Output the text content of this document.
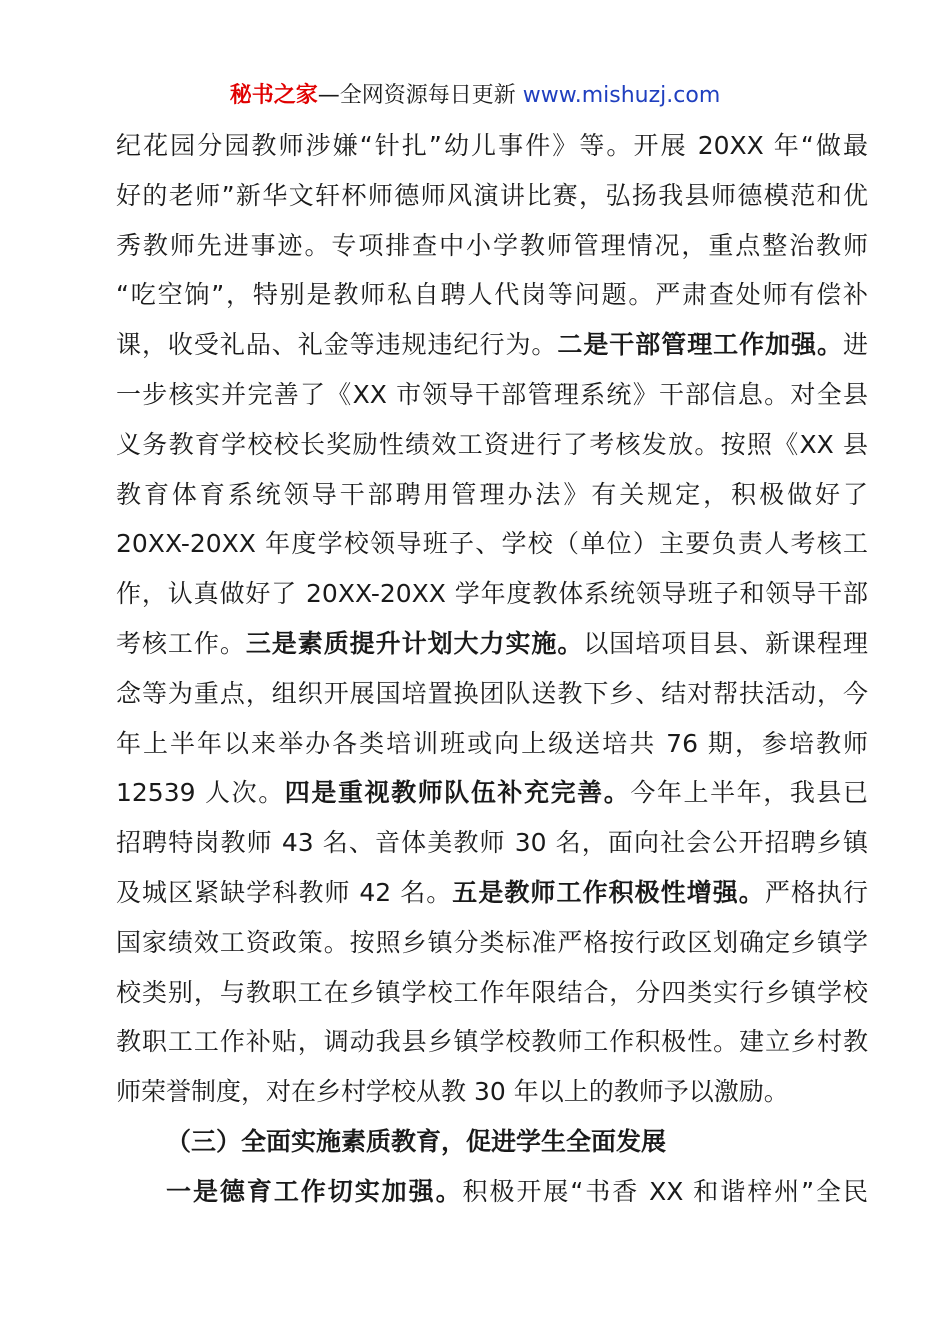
秘书之家—全网资源每日更新 www.mishuzj.com
纪花园分园教师涉嫌“针扎”幼儿事件》等。开展 20XX 年“做最
好的老师”新华文轩杯师德师风演讲比赛，弘扬我县师德模范和优
秀教师先进事迹。专项排查中小学教师管理情况，重点整治教师
“吃空饷”，特别是教师私自聘人代岗等问题。严肃查处师有偿补
课，收受礼品、礼金等违规违纪行为。二是干部管理工作加强。进
一步核实并完善了《XX 市领导干部管理系统》干部信息。对全县
义务教育学校校长奖励性绩效工资进行了考核发放。按照《XX 县
教育体育系统领导干部聘用管理办法》有关规定，积极做好了
20XX-20XX 年度学校领导班子、学校（单位）主要负责人考核工
作，认真做好了 20XX-20XX 学年度教体系统领导班子和领导干部
考核工作。三是素质提升计划大力实施。以国培项目县、新课程理
念等为重点，组织开展国培置换团队送教下乡、结对帮扶活动，今
年上半年以来举办各类培训班或向上级送培共 76 期，参培教师
12539 人次。四是重视教师队伍补充完善。今年上半年，我县已
招聘特岗教师 43 名、音体美教师 30 名，面向社会公开招聘乡镇
及城区紧缺学科教师 42 名。五是教师工作积极性增强。严格执行
国家绩效工资政策。按照乡镇分类标准严格按行政区划确定乡镇学
校类别，与教职工在乡镇学校工作年限结合，分四类实行乡镇学校
教职工工作补贴，调动我县乡镇学校教师工作积极性。建立乡村教
师荣誉制度，对在乡村学校从教 30 年以上的教师予以激励。
（三）全面实施素质教育，促进学生全面发展
一是德育工作切实加强。积极开展“书香 XX 和谐梓州”全民
